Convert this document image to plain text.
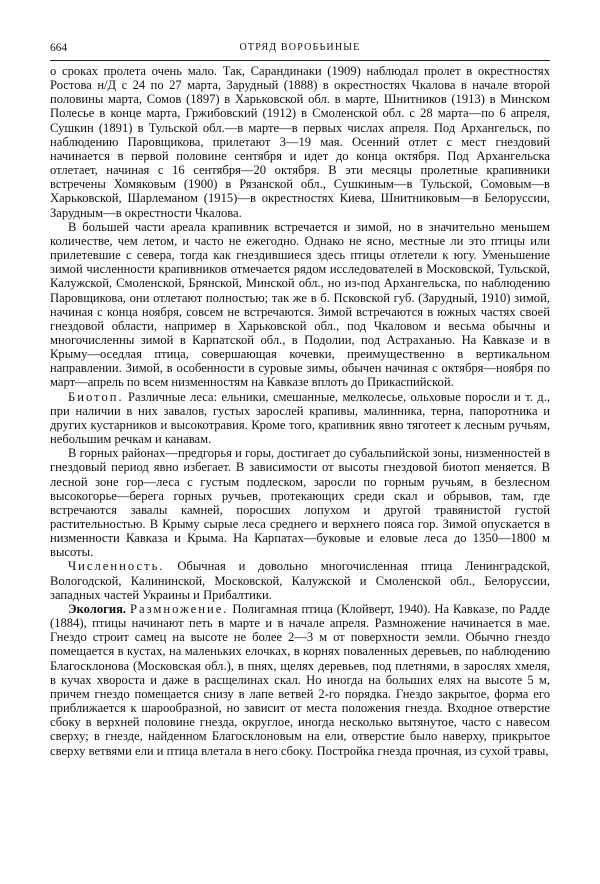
664	ОТРЯД ВОРОБЬИНЫЕ

о сроках пролета очень мало. Так, Сарандинаки (1909) наблюдал пролет в окрестностях Ростова н/Д с 24 по 27 марта, Зарудный (1888) в окрестностях Чкалова в начале второй половины марта, Сомов (1897) в Харьковской обл. в марте, Шнитников (1913) в Минском Полесье в конце марта, Гржибовский (1912) в Смоленской обл. с 28 марта—по 6 апреля, Сушкин (1891) в Тульской обл.—в марте—в первых числах апреля. Под Архангельск, по наблюдению Паровщикова, прилетают 3—19 мая. Осенний отлет с мест гнездовий начинается в первой половине сентября и идет до конца октября. Под Архангельска отлетает, начиная с 16 сентября—20 октября. В эти месяцы пролетные крапивники встречены Хомяковым (1900) в Рязанской обл., Сушкиным—в Тульской, Сомовым—в Харьковской, Шарлеманом (1915)—в окрестностях Киева, Шнитниковым—в Белоруссии, Зарудным—в окрестности Чкалова.

В большей части ареала крапивник встречается и зимой, но в значительно меньшем количестве, чем летом, и часто не ежегодно. Однако не ясно, местные ли это птицы или прилетевшие с севера, тогда как гнездившиеся здесь птицы отлетели к югу. Уменьшение зимой численности крапивников отмечается рядом исследователей в Московской, Тульской, Калужской, Смоленской, Брянской, Минской обл., но из-под Архангельска, по наблюдению Паровщикова, они отлетают полностью; так же в б. Псковской губ. (Зарудный, 1910) зимой, начиная с конца ноября, совсем не встречаются. Зимой встречаются в южных частях своей гнездовой области, например в Харьковской обл., под Чкаловом и весьма обычны и многочисленны зимой в Карпатской обл., в Подолии, под Астраханью. На Кавказе и в Крыму—оседлая птица, совершающая кочевки, преимущественно в вертикальном направлении. Зимой, в особенности в суровые зимы, обычен начиная с октября—ноября по март—апрель по всем низменностям на Кавказе вплоть до Прикаспийской.

Биотоп. Различные леса: ельники, смешанные, мелколесье, ольховые поросли и т. д., при наличии в них завалов, густых зарослей крапивы, малинника, терна, папоротника и других кустарников и высокотравия. Кроме того, крапивник явно тяготеет к лесным ручьям, небольшим речкам и канавам.

В горных районах—предгорья и горы, достигает до субальпийской зоны, низменностей в гнездовый период явно избегает. В зависимости от высоты гнездовой биотоп меняется. В лесной зоне гор—леса с густым подлеском, заросли по горным ручьям, в безлесном высокогорье—берега горных ручьев, протекающих среди скал и обрывов, там, где встречаются завалы камней, поросших лопухом и другой травянистой густой растительностью. В Крыму сырые леса среднего и верхнего пояса гор. Зимой опускается в низменности Кавказа и Крыма. На Карпатах—буковые и еловые леса до 1350—1800 м высоты.

Численность. Обычная и довольно многочисленная птица Ленинградской, Вологодской, Калининской, Московской, Калужской и Смоленской обл., Белоруссии, западных частей Украины и Прибалтики.

Экология. Размножение. Полигамная птица (Клойверт, 1940). На Кавказе, по Радде (1884), птицы начинают петь в марте и в начале апреля. Размножение начинается в мае. Гнездо строит самец на высоте не более 2—3 м от поверхности земли. Обычно гнездо помещается в кустах, на маленьких елочках, в корнях поваленных деревьев, по наблюдению Благосклонова (Московская обл.), в пнях, щелях деревьев, под плетнями, в зарослях хмеля, в кучах хвороста и даже в расщелинах скал. Но иногда на больших елях на высоте 5 м, причем гнездо помещается снизу в лапе ветвей 2-го порядка. Гнездо закрытое, форма его приближается к шарообразной, но зависит от места положения гнезда. Входное отверстие сбоку в верхней половине гнезда, округлое, иногда несколько вытянутое, часто с навесом сверху; в гнезде, найденном Благосклоновым на ели, отверстие было наверху, прикрытое сверху ветвями ели и птица влетала в него сбоку. Постройка гнезда прочная, из сухой травы,
